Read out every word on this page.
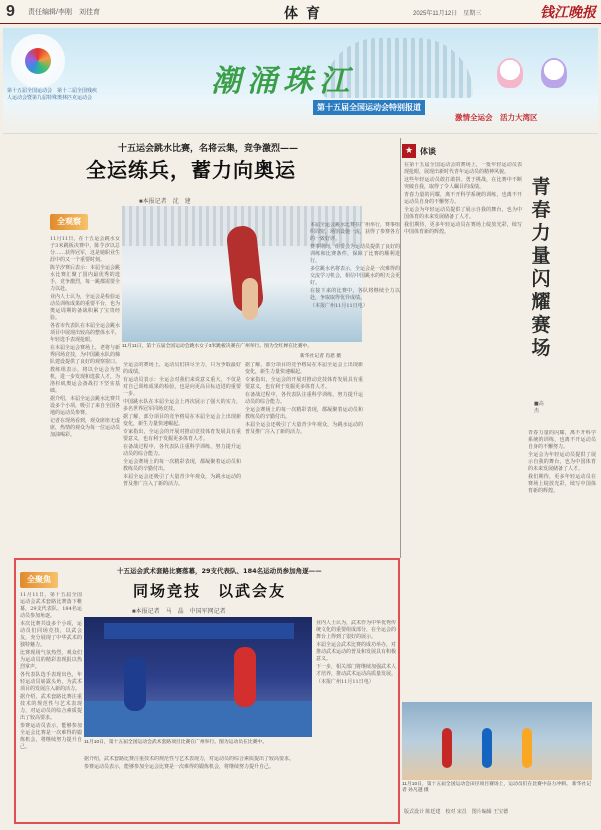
9 责任编辑/李刚　刘佳育	体育	2025年11月12日　星期三	钱江晚报
第十五届全国运动会　第十二届全国残疾人运动会暨第九届特殊奥林匹克运动会	潮涌珠江
第十五届全国运动会特别报道
激情全运会　活力大湾区
十五运会跳水比赛，名将云集，竞争激烈——
全运练兵，蓄力向奥运
■本报记者　沈　建
全观察
11月11日，在十五运会跳水女子3米跳板决赛中，陈芋汐以总分……获得冠军，这是她职业生涯中的又一个重要时刻。
陈芋汐赛后表示：本届全运会跳水比赛汇聚了国内最优秀的选手，竞争激烈，每一跳都需要全力以赴。
业内人士认为，全运会是检验运动员训练成果的重要平台，也为奥运周期的备战积累了宝贵经验。
各省市代表队在本届全运会跳水项目中展现出较高的整体水平，年轻选手表现抢眼。
在本届全运会赛场上，老将与新秀同场竞技，为中国跳水队的梯队建设提供了良好的观察窗口。
教练组表示，将以全运会为契机，进一步发现和选拔人才，为洛杉矶奥运会备战打下坚实基础。
据介绍，本届全运会跳水比赛共设多个小项，吸引了来自全国各地的运动员参赛。
记者在现场看到，观众席座无虚席，热情的观众为每一位运动员加油喝彩。
11月11日，第十五届全国运动会跳水女子3米跳板决赛在广州举行。图为全红婵在比赛中。
新华社记者 肖恩 摄
全运会的赛场上，运动员们拼尽全力，只为争取最好的成绩。
有运动员表示：全运会对我们来说意义重大，不仅是对自己训练成果的检验，也是向更高目标迈进的重要一步。
中国跳水队在本届全运会上再次展示了强大的实力，多名世界冠军同场竞技。
据了解，部分项目的竞争格局在本届全运会上出现新变化，新生力量快速崛起。
专家指出，全运会的开展对推动竞技体育发展具有重要意义，也有利于发掘更多体育人才。
在备战过程中，各代表队注重科学训练，努力提升运动员的综合能力。
全运会赛场上的每一次精彩表现，都凝聚着运动员和教练员的辛勤付出。
本届全运会还吸引了大量青少年观众，为跳水运动的普及推广注入了新的活力。
据了解，部分项目的竞争格局在本届全运会上出现新变化，新生力量快速崛起。
专家指出，全运会的开展对推动竞技体育发展具有重要意义，也有利于发掘更多体育人才。
在备战过程中，各代表队注重科学训练，努力提升运动员的综合能力。
全运会赛场上的每一次精彩表现，都凝聚着运动员和教练员的辛勤付出。
本届全运会还吸引了大量青少年观众，为跳水运动的普及推广注入了新的活力。
本届全运会跳水比赛在广州举行，赛事组织周密，场馆设施一流，获得了参赛各方的一致好评。
赛事期间，组委会为运动员提供了良好的训练和比赛条件，保障了比赛的顺利进行。
多位跳水名将表示，全运会是一次难得的交流学习机会，相信中国跳水的明天会更好。
在接下来的比赛中，各队将继续全力以赴，争取取得优异成绩。
（本报广州11月11日电）
全聚焦
十五运会武术套路比赛落幕，29支代表队、184名运动员参加角逐——
同场竞技　以武会友
■本报记者　马　晶　中国军网记者
11月11日，第十五届全国运动会武术套路比赛落下帷幕，29支代表队、184名运动员参加角逐。
本次比赛共设多个小项，运动员们同场竞技，以武会友，充分展现了中华武术的独特魅力。
比赛现场气氛热烈，观众们为运动员的精彩表现报以热烈掌声。
各代表队选手表现出色，年轻运动员崭露头角，为武术项目的发展注入新的活力。
据介绍，武术套路比赛注重技术的规范性与艺术表现力，对运动员的综合素质提出了较高要求。
参赛运动员表示，能够参加全运会比赛是一次难得的锻炼机会，将继续努力提升自己。
11月10日，第十五届全国运动会武术套路项目比赛在广州举行。图为运动员在比赛中。
据介绍，武术套路比赛注重技术的规范性与艺术表现力，对运动员的综合素质提出了较高要求。
参赛运动员表示，能够参加全运会比赛是一次难得的锻炼机会，将继续努力提升自己。
业内人士认为，武术作为中华优秀传统文化的重要组成部分，在全运会的舞台上得到了很好的展示。
本届全运会武术比赛的成功举办，对推动武术运动的普及和发展具有积极意义。
下一步，相关部门将继续加强武术人才培养，推动武术运动高质量发展。
（本报广州11月11日电）
★ 体谈
在第十五届全国运动会的赛场上，一批年轻运动员表现抢眼，展现出新时代青年运动员的精神风貌。
这些年轻运动员敢打敢拼、勇于挑战，在比赛中不断突破自我，取得了令人瞩目的成绩。
青春力量的闪耀，离不开科学系统的训练，也离不开运动员自身的不懈努力。
全运会为年轻运动员提供了展示自我的舞台，也为中国体育的未来发展储备了人才。
我们期待，更多年轻运动员在赛场上绽放光彩，续写中国体育新的辉煌。
青春力量闪耀赛场
■高　杰
青春力量的闪耀，离不开科学系统的训练，也离不开运动员自身的不懈努力。
全运会为年轻运动员提供了展示自我的舞台，也为中国体育的未来发展储备了人才。
我们期待，更多年轻运动员在赛场上绽放光彩，续写中国体育新的辉煌。
11月10日，第十五届全国运动会田径项目赛场上，运动员们在比赛中奋力冲刺。 新华社记者 孙凡越 摄
版式设计 陈廷建　校对 宋昌　图片编辑 王宝德
